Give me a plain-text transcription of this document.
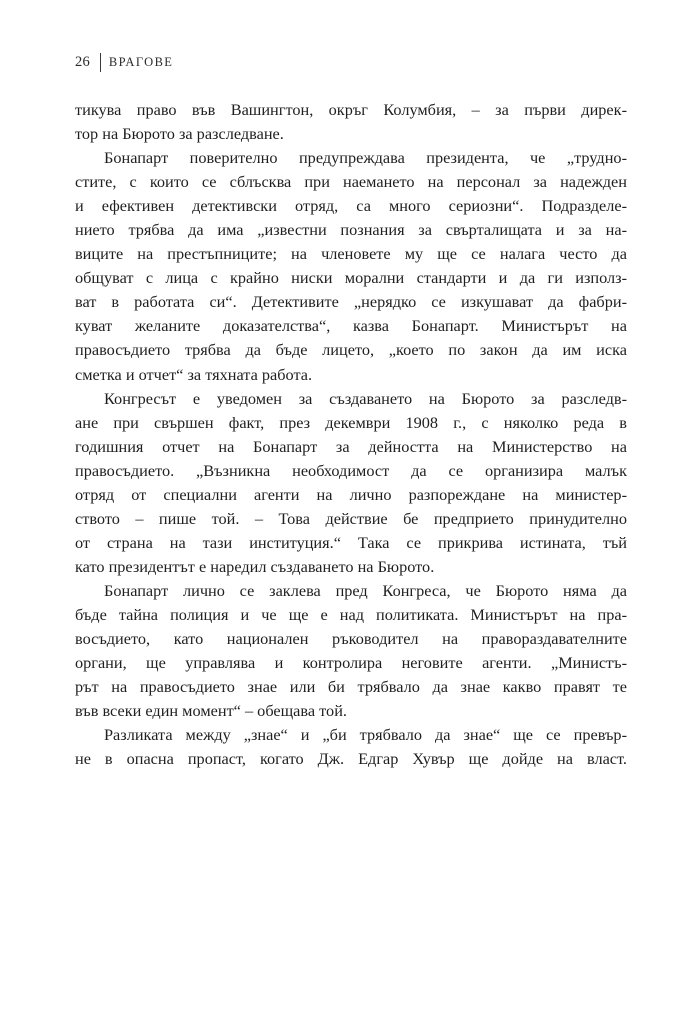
26 ВРАГОВЕ
тикува право във Вашингтон, окръг Колумбия, – за първи дирек-
тор на Бюрото за разследване.
Бонапарт поверително предупреждава президента, че „трудно-
стите, с които се сблъсква при наемането на персонал за надежден
и ефективен детективски отряд, са много сериозни“. Подразделе-
нието трябва да има „известни познания за свърталищата и за на-
виците на престъпниците; на членовете му ще се налага често да
общуват с лица с крайно ниски морални стандарти и да ги използ-
ват в работата си“. Детективите „нерядко се изкушават да фабри-
куват желаните доказателства“, казва Бонапарт. Министърът на
правосъдието трябва да бъде лицето, „което по закон да им иска
сметка и отчет“ за тяхната работа.
Конгресът е уведомен за създаването на Бюрото за разследв-
ане при свършен факт, през декември 1908 г., с няколко реда в
годишния отчет на Бонапарт за дейността на Министерство на
правосъдието. „Възникна необходимост да се организира малък
отряд от специални агенти на лично разпореждане на министер-
ството – пише той. – Това действие бе предприето принудително
от страна на тази институция.“ Така се прикрива истината, тъй
като президентът е наредил създаването на Бюрото.
Бонапарт лично се заклева пред Конгреса, че Бюрото няма да
бъде тайна полиция и че ще е над политиката. Министърът на пра-
восъдието, като национален ръководител на правораздавателните
органи, ще управлява и контролира неговите агенти. „Министъ-
рът на правосъдието знае или би трябвало да знае какво правят те
във всеки един момент“ – обещава той.
Разликата между „знае“ и „би трябвало да знае“ ще се превър-
не в опасна пропаст, когато Дж. Едгар Хувър ще дойде на власт.
